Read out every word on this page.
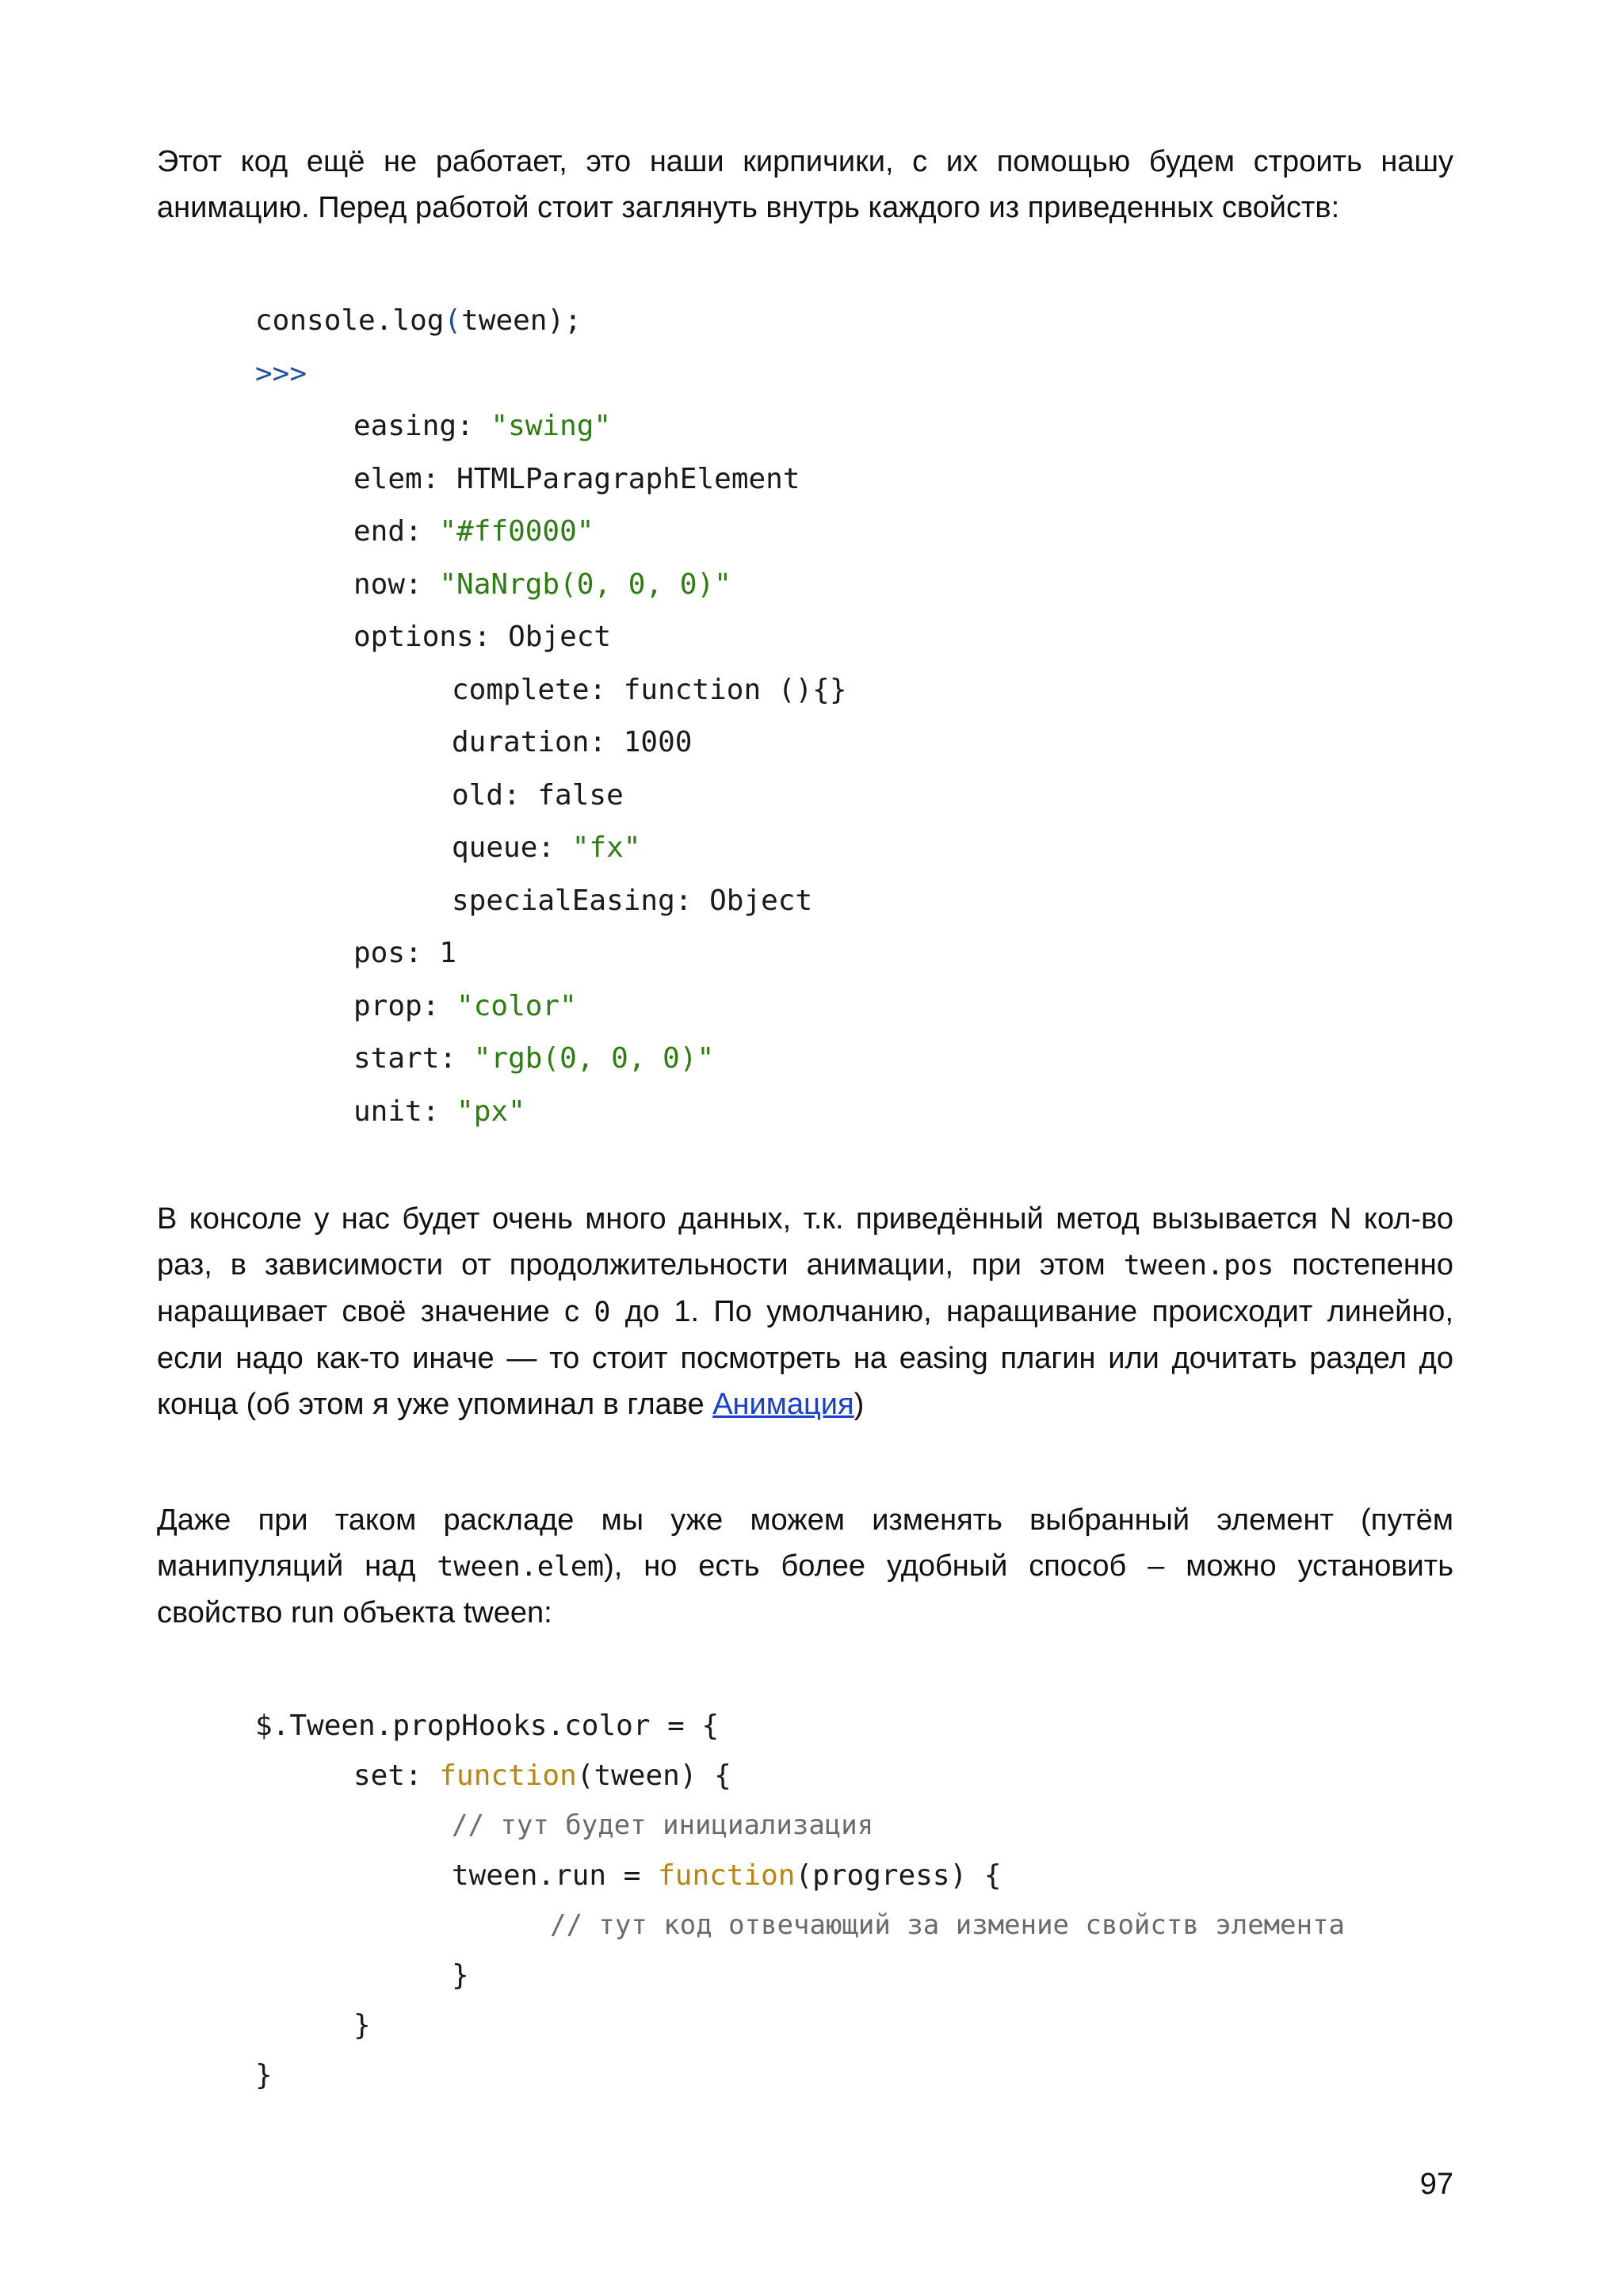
Этот код ещё не работает, это наши кирпичики, с их помощью будем строить нашу анимацию. Перед работой стоит заглянуть внутрь каждого из приведенных свойств:

console.log(tween);
>>>
easing: "swing"
elem: HTMLParagraphElement
end: "#ff0000"
now: "NaNrgb(0, 0, 0)"
options: Object
complete: function (){}
duration: 1000
old: false
queue: "fx"
specialEasing: Object
pos: 1
prop: "color"
start: "rgb(0, 0, 0)"
unit: "px"

В консоле у нас будет очень много данных, т.к. приведённый метод вызывается N кол-во раз, в зависимости от продолжительности анимации, при этом tween.pos постепенно наращивает своё значение с 0 до 1. По умолчанию, наращивание происходит линейно, если надо как-то иначе — то стоит посмотреть на easing плагин или дочитать раздел до конца (об этом я уже упоминал в главе Анимация)

Даже при таком раскладе мы уже можем изменять выбранный элемент (путём манипуляций над tween.elem), но есть более удобный способ – можно установить свойство run объекта tween:

$.Tween.propHooks.color = {
set: function(tween) {
// тут будет инициализация
tween.run = function(progress) {
// тут код отвечающий за измение свойств элемента
}
}
}
97
